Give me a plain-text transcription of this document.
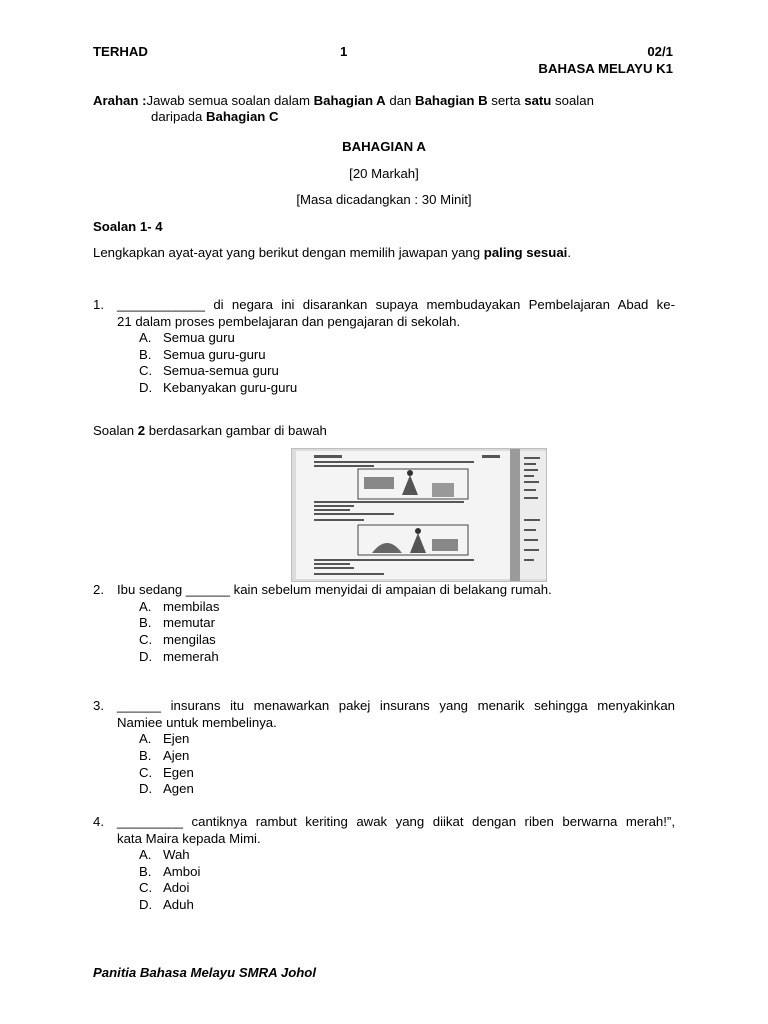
TERHAD	1	02/1
BAHASA MELAYU K1
Arahan :Jawab semua soalan dalam Bahagian A dan Bahagian B serta satu soalan
daripada Bahagian C
BAHAGIAN A
[20 Markah]
[Masa dicadangkan : 30 Minit]
Soalan 1- 4
Lengkapkan ayat-ayat yang berikut dengan memilih jawapan yang paling sesuai.
1. ____________ di negara ini disarankan supaya membudayakan Pembelajaran Abad ke-
21 dalam proses pembelajaran dan pengajaran di sekolah.
A. Semua guru
B. Semua guru-guru
C. Semua-semua guru
D. Kebanyakan guru-guru
Soalan 2 berdasarkan gambar di bawah
2. Ibu sedang ______ kain sebelum menyidai di ampaian di belakang rumah.
A. membilas
B. memutar
C. mengilas
D. memerah
3. ______ insurans itu menawarkan pakej insurans yang menarik sehingga menyakinkan
Namiee untuk membelinya.
A. Ejen
B. Ajen
C. Egen
D. Agen
4. _________ cantiknya rambut keriting awak yang diikat dengan riben berwarna merah!”,
kata Maira kepada Mimi.
A. Wah
B. Amboi
C. Adoi
D. Aduh
Panitia Bahasa Melayu SMRA Johol
